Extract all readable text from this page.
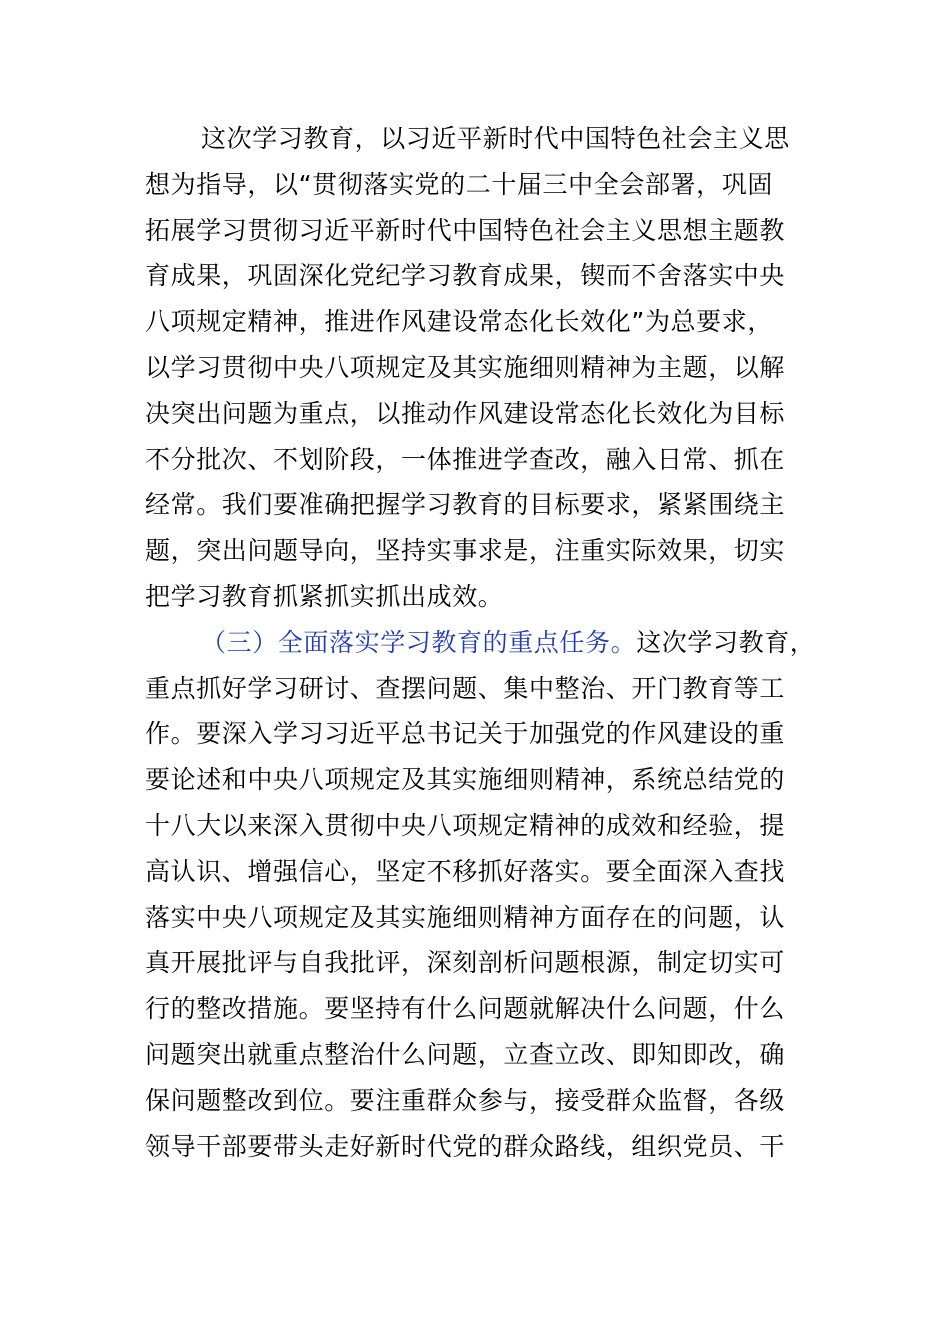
这次学习教育，以习近平新时代中国特色社会主义思
想为指导，以“贯彻落实党的二十届三中全会部署，巩固
拓展学习贯彻习近平新时代中国特色社会主义思想主题教
育成果，巩固深化党纪学习教育成果，锲而不舍落实中央
八项规定精神，推进作风建设常态化长效化”为总要求，
以学习贯彻中央八项规定及其实施细则精神为主题，以解
决突出问题为重点，以推动作风建设常态化长效化为目标
不分批次、不划阶段，一体推进学查改，融入日常、抓在
经常。我们要准确把握学习教育的目标要求，紧紧围绕主
题，突出问题导向，坚持实事求是，注重实际效果，切实
把学习教育抓紧抓实抓出成效。
（三）全面落实学习教育的重点任务。这次学习教育，
重点抓好学习研讨、查摆问题、集中整治、开门教育等工
作。要深入学习习近平总书记关于加强党的作风建设的重
要论述和中央八项规定及其实施细则精神，系统总结党的
十八大以来深入贯彻中央八项规定精神的成效和经验，提
高认识、增强信心，坚定不移抓好落实。要全面深入查找
落实中央八项规定及其实施细则精神方面存在的问题，认
真开展批评与自我批评，深刻剖析问题根源，制定切实可
行的整改措施。要坚持有什么问题就解决什么问题，什么
问题突出就重点整治什么问题，立查立改、即知即改，确
保问题整改到位。要注重群众参与，接受群众监督，各级
领导干部要带头走好新时代党的群众路线，组织党员、干
